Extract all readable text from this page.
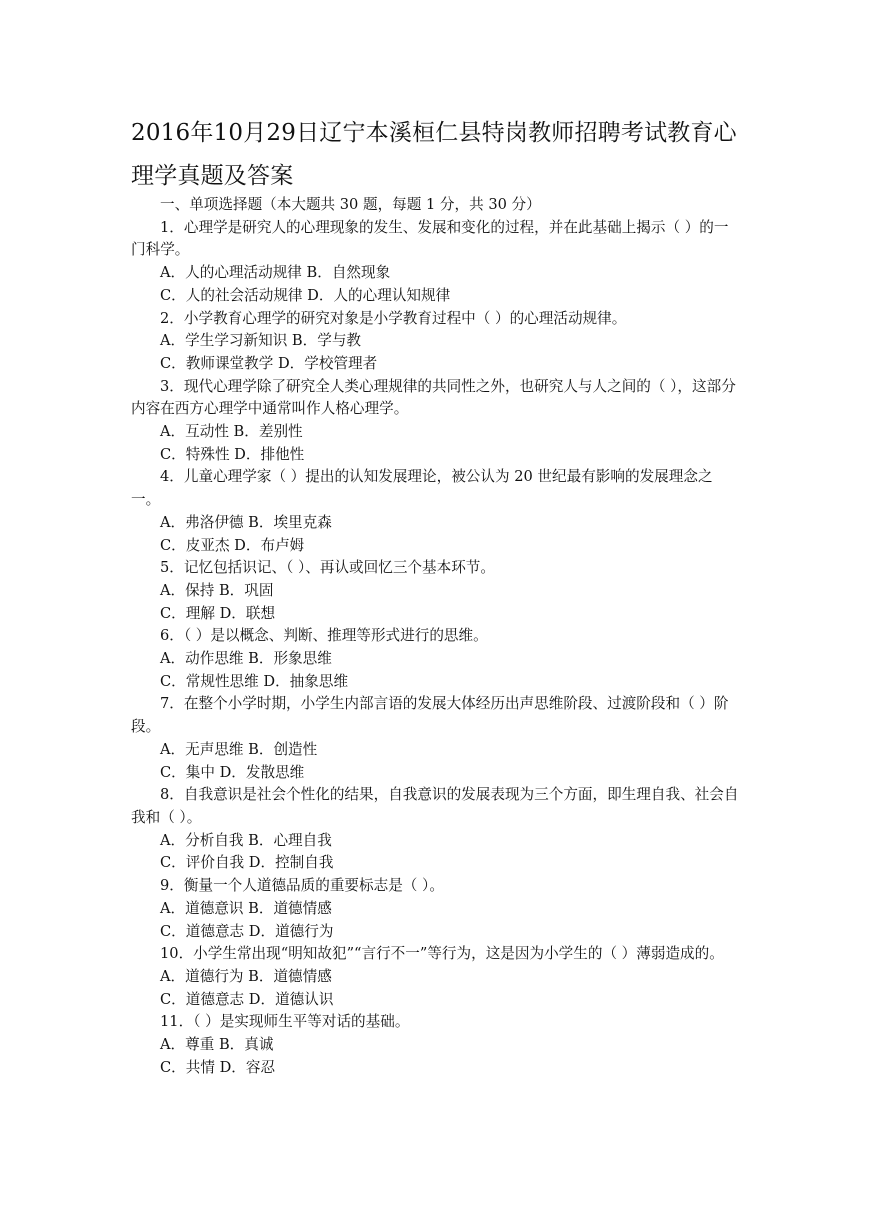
2016年10月29日辽宁本溪桓仁县特岗教师招聘考试教育心理学真题及答案

一、单项选择题（本大题共 30 题，每题 1 分，共 30 分）

1．心理学是研究人的心理现象的发生、发展和变化的过程，并在此基础上揭示（ ）的一门科学。

A．人的心理活动规律 B．自然现象

C．人的社会活动规律 D．人的心理认知规律

2．小学教育心理学的研究对象是小学教育过程中（ ）的心理活动规律。

A．学生学习新知识 B．学与教

C．教师课堂教学 D．学校管理者

3．现代心理学除了研究全人类心理规律的共同性之外，也研究人与人之间的（ ），这部分内容在西方心理学中通常叫作人格心理学。

A．互动性 B．差别性

C．特殊性 D．排他性

4．儿童心理学家（ ）提出的认知发展理论，被公认为 20 世纪最有影响的发展理念之一。

A．弗洛伊德 B．埃里克森

C．皮亚杰 D．布卢姆

5．记忆包括识记、（ ）、再认或回忆三个基本环节。

A．保持 B．巩固

C．理解 D．联想

6．（ ）是以概念、判断、推理等形式进行的思维。

A．动作思维 B．形象思维

C．常规性思维 D．抽象思维

7．在整个小学时期，小学生内部言语的发展大体经历出声思维阶段、过渡阶段和（ ）阶段。

A．无声思维 B．创造性

C．集中 D．发散思维

8．自我意识是社会个性化的结果，自我意识的发展表现为三个方面，即生理自我、社会自 我和（ ）。

A．分析自我 B．心理自我

C．评价自我 D．控制自我

9．衡量一个人道德品质的重要标志是（ ）。

A．道德意识 B．道德情感

C．道德意志 D．道德行为

10．小学生常出现“明知故犯”“言行不一”等行为，这是因为小学生的（ ）薄弱造成的。

A．道德行为 B．道德情感

C．道德意志 D．道德认识

11．（ ）是实现师生平等对话的基础。

A．尊重 B．真诚

C．共情 D．容忍
